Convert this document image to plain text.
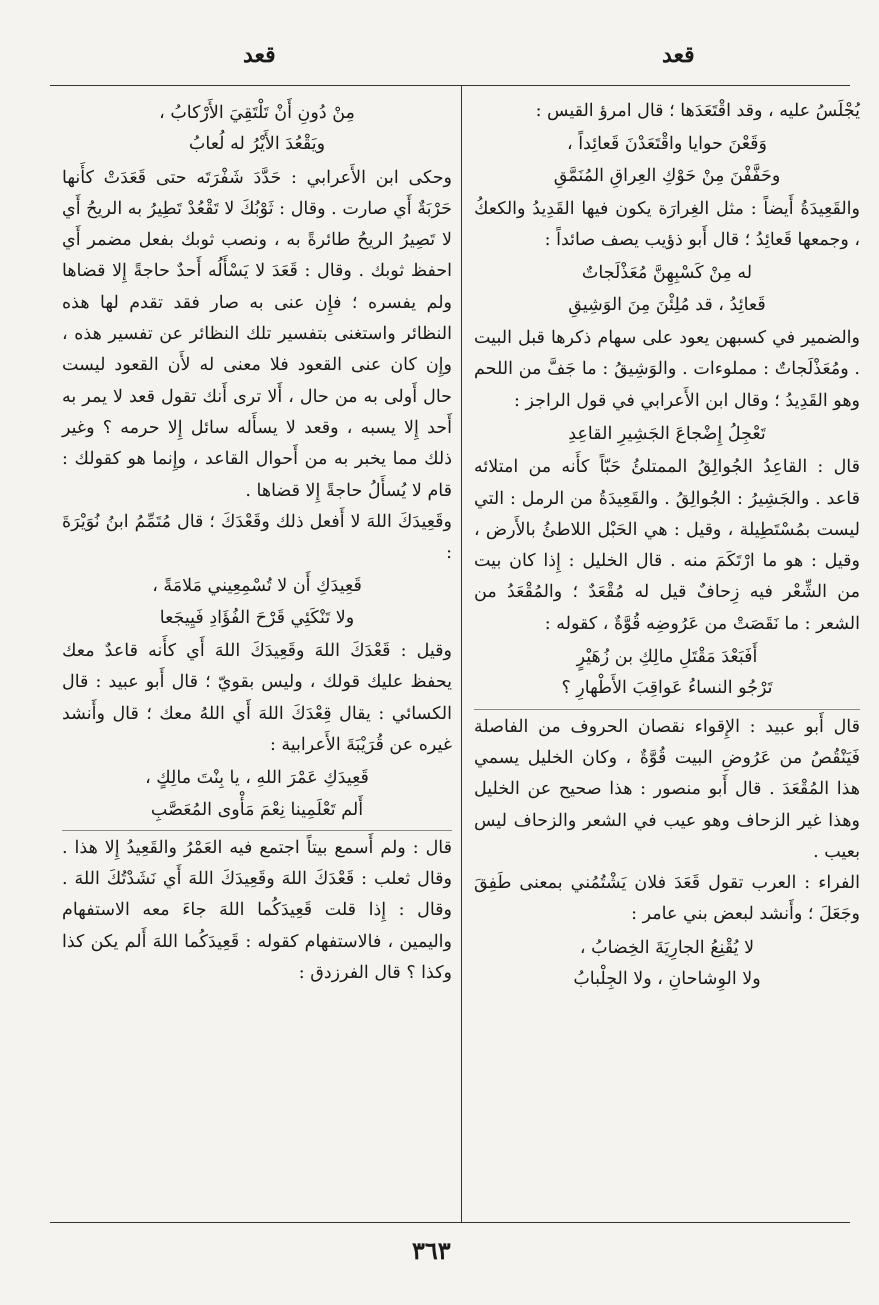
قعد
قعد

يُجْلَسُ عليه ، وقد اقْتَعَدَها ؛ قال امرؤ القيس :

وَقَعْنَ حوايا واقْتَعَدْنَ قَعائِداً ،
وحَفَّفْنَ مِنْ حَوْكِ العِراقِ المُنَمَّقِ

والقَعِيدَةُ أَيضاً : مثل الغِرارَة يكون فيها القَدِيدُ والكعكُ ، وجمعها قَعائِدُ ؛ قال أَبو ذؤيب يصف صائداً :

له مِنْ كَسْبِهِنَّ مُعَذْلَجاتٌ
قَعائِدُ ، قد مُلِئْنَ مِنَ الوَشِيقِ

والضمير في كسبهن يعود على سهام ذكرها قبل البيت . ومُعَذْلَجاتٌ : مملوءات . والوَشِيقُ : ما جَفَّ من اللحم وهو القَدِيدُ ؛ وقال ابن الأَعرابي في قول الراجز :

تَعْجِلُ إِضْجاعَ الجَشِيرِ القاعِدِ

قال : القاعِدُ الجُوالِقُ الممتلئُ حَبّاً كأَنه من امتلائه قاعد . والجَشِيرُ : الجُوالِقُ . والقَعِيدَةُ من الرمل : التي ليست بمُسْتَطِيلة ، وقيل : هي الحَبْل اللاطئُ بالأَرض ، وقيل : هو ما ارْتَكَمَ منه . قال الخليل : إِذا كان بيت من الشِّعْر فيه زِحافٌ قيل له مُقْعَدٌ ؛ والمُقْعَدُ من الشعر : ما نَقَصَتْ من عَرُوضِه قُوَّةٌ ، كقوله :

أَفَبَعْدَ مَقْتَلِ مالِكِ بن زُهَيْرٍ
تَرْجُو النساءُ عَواقِبَ الأَطْهارِ ؟

قال أَبو عبيد : الإِقواء نقصان الحروف من الفاصلة فَيَنْقُصُ من عَرُوضِ البيت قُوَّةٌ ، وكان الخليل يسمي هذا المُقْعَدَ . قال أَبو منصور : هذا صحيح عن الخليل وهذا غير الزحاف وهو عيب في الشعر والزحاف ليس بعيب .

الفراء : العرب تقول قَعَدَ فلان يَشْتُمُني بمعنى طَفِقَ وجَعَلَ ؛ وأَنشد لبعض بني عامر :

لا يُقْنِعُ الجارِيَةَ الخِضابُ ،
ولا الوِشاحانِ ، ولا الجِلْبابُ

مِنْ دُونِ أَنْ تَلْتَقِيَ الأَرْكابُ ،
ويَقْعُدَ الأَيْرُ له لُعابُ

وحكى ابن الأَعرابي : حَدَّدَ شَفْرَتَه حتى قَعَدَتْ كأَنها حَرْبَةٌ أَي صارت . وقال : ثَوْبُكَ لا تَقْعُدْ تَطِيرُ به الريحُ أَي لا تَصِيرُ الريحُ طائرةً به ، ونصب ثوبك بفعل مضمر أَي احفظ ثوبك . وقال : قَعَدَ لا يَسْأَلُه أَحدٌ حاجةً إِلا قضاها ولم يفسره ؛ فإِن عنى به صار فقد تقدم لها هذه النظائر واستغنى بتفسير تلك النظائر عن تفسير هذه ، وإِن كان عنى القعود فلا معنى له لأَن القعود ليست حال أَولى به من حال ، أَلا ترى أَنك تقول قعد لا يمر به أَحد إِلا يسبه ، وقعد لا يسأَله سائل إِلا حرمه ؟ وغير ذلك مما يخبر به من أَحوال القاعد ، وإِنما هو كقولك : قام لا يُسأَلُ حاجةً إِلا قضاها .

وقَعِيدَكَ اللهَ لا أَفعل ذلك وقَعْدَكَ ؛ قال مُتَمِّمُ ابنُ نُوَيْرَةَ :

قَعِيدَكِ أَن لا تُسْمِعِيني مَلامَةً ،
ولا تَنْكَئِي قَرْحَ الفُؤَادِ فَيِيجَعا

وقيل : قَعْدَكَ اللهَ وقَعِيدَكَ اللهَ أَي كأَنه قاعدٌ معك يحفظ عليك قولك ، وليس بقويّ ؛ قال أَبو عبيد : قال الكسائي : يقال قِعْدَكَ اللهَ أَي اللهُ معك ؛ قال وأَنشد غيره عن قُرَيْبَةَ الأَعرابية :

قَعِيدَكِ عَمْرَ اللهِ ، يا بِنْتَ مالِكٍ ،
أَلم تَعْلَمِينا نِعْمَ مَأْوى المُعَصَّبِ

قال : ولم أَسمع بيتاً اجتمع فيه العَمْرُ والقَعِيدُ إِلا هذا . وقال ثعلب : قَعْدَكَ اللهَ وقَعِيدَكَ اللهَ أَي نَشَدْتُكَ اللهَ . وقال : إِذا قلت قَعِيدَكُما اللهَ جاءَ معه الاستفهام واليمين ، فالاستفهام كقوله : قَعِيدَكُما اللهَ أَلم يكن كذا وكذا ؟ قال الفرزدق :

٣٦٣
